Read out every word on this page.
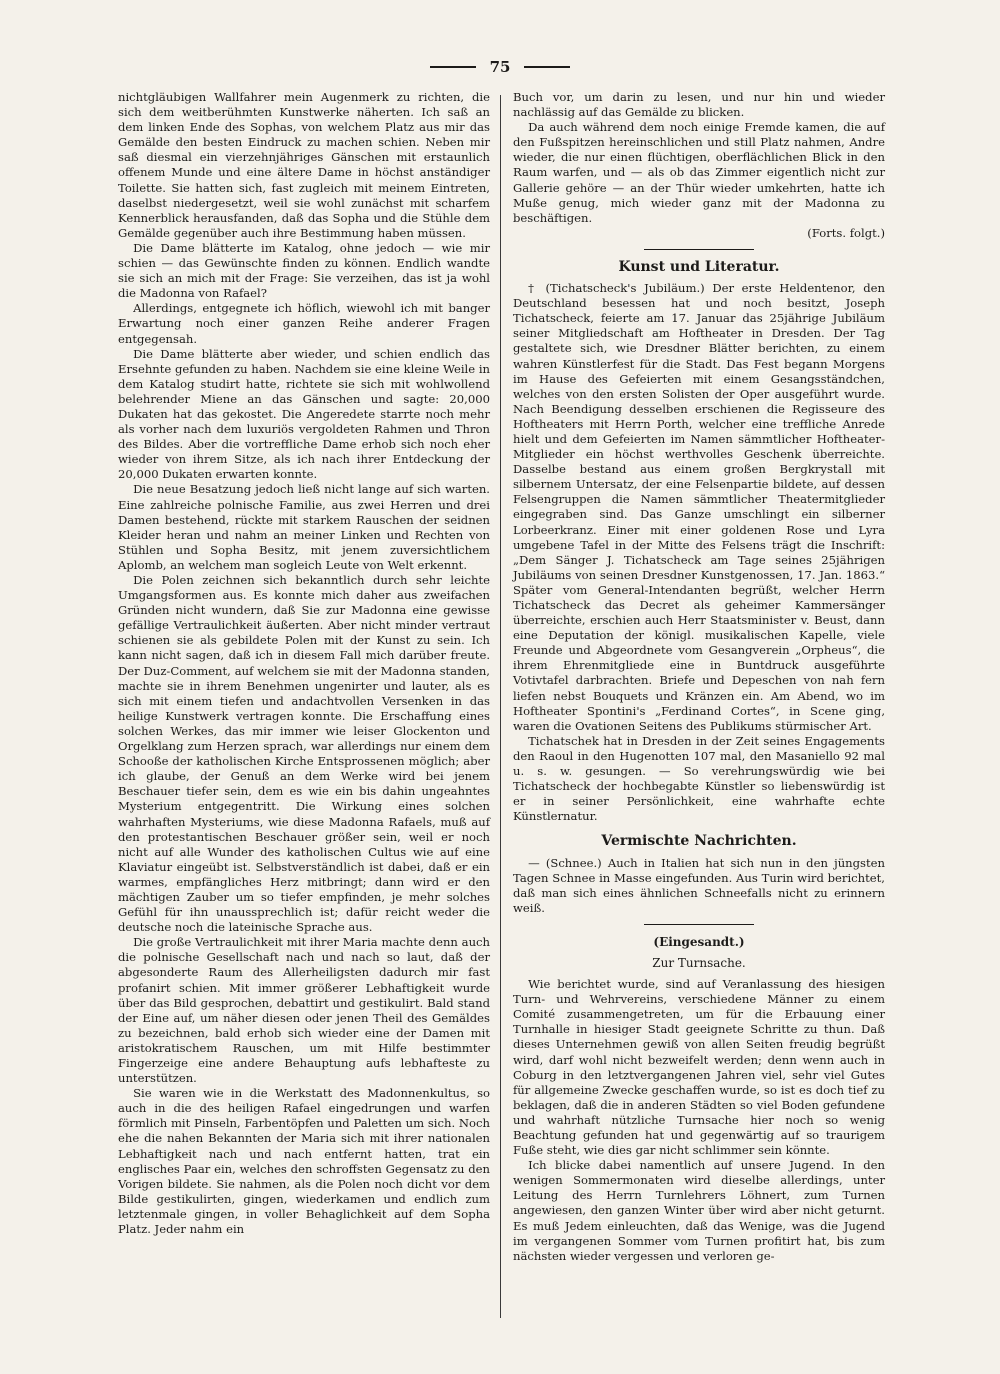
75

nichtgläubigen Wallfahrer mein Augenmerk zu richten, die sich dem weitberühmten Kunstwerke näherten. Ich saß an dem linken Ende des Sophas, von welchem Platz aus mir das Gemälde den besten Eindruck zu machen schien. Neben mir saß diesmal ein vierzehnjähriges Gänschen mit erstaunlich offenem Munde und eine ältere Dame in höchst anständiger Toilette. Sie hatten sich, fast zugleich mit meinem Eintreten, daselbst niedergesetzt, weil sie wohl zunächst mit scharfem Kennerblick herausfanden, daß das Sopha und die Stühle dem Gemälde gegenüber auch ihre Bestimmung haben müssen.

Die Dame blätterte im Katalog, ohne jedoch — wie mir schien — das Gewünschte finden zu können. Endlich wandte sie sich an mich mit der Frage: Sie verzeihen, das ist ja wohl die Madonna von Rafael?

Allerdings, entgegnete ich höflich, wiewohl ich mit banger Erwartung noch einer ganzen Reihe anderer Fragen entgegensah.

Die Dame blätterte aber wieder, und schien endlich das Ersehnte gefunden zu haben. Nachdem sie eine kleine Weile in dem Katalog studirt hatte, richtete sie sich mit wohlwollend belehrender Miene an das Gänschen und sagte: 20,000 Dukaten hat das gekostet. Die Angeredete starrte noch mehr als vorher nach dem luxuriös vergoldeten Rahmen und Thron des Bildes. Aber die vortreffliche Dame erhob sich noch eher wieder von ihrem Sitze, als ich nach ihrer Entdeckung der 20,000 Dukaten erwarten konnte.

Die neue Besatzung jedoch ließ nicht lange auf sich warten. Eine zahlreiche polnische Familie, aus zwei Herren und drei Damen bestehend, rückte mit starkem Rauschen der seidnen Kleider heran und nahm an meiner Linken und Rechten von Stühlen und Sopha Besitz, mit jenem zuversichtlichem Aplomb, an welchem man sogleich Leute von Welt erkennt.

Die Polen zeichnen sich bekanntlich durch sehr leichte Umgangsformen aus. Es konnte mich daher aus zweifachen Gründen nicht wundern, daß Sie zur Madonna eine gewisse gefällige Vertraulichkeit äußerten. Aber nicht minder vertraut schienen sie als gebildete Polen mit der Kunst zu sein. Ich kann nicht sagen, daß ich in diesem Fall mich darüber freute. Der Duz-Comment, auf welchem sie mit der Madonna standen, machte sie in ihrem Benehmen ungenirter und lauter, als es sich mit einem tiefen und andachtvollen Versenken in das heilige Kunstwerk vertragen konnte. Die Erschaffung eines solchen Werkes, das mir immer wie leiser Glockenton und Orgelklang zum Herzen sprach, war allerdings nur einem dem Schooße der katholischen Kirche Entsprossenen möglich; aber ich glaube, der Genuß an dem Werke wird bei jenem Beschauer tiefer sein, dem es wie ein bis dahin ungeahntes Mysterium entgegentritt. Die Wirkung eines solchen wahrhaften Mysteriums, wie diese Madonna Rafaels, muß auf den protestantischen Beschauer größer sein, weil er noch nicht auf alle Wunder des katholischen Cultus wie auf eine Klaviatur eingeübt ist. Selbstverständlich ist dabei, daß er ein warmes, empfängliches Herz mitbringt; dann wird er den mächtigen Zauber um so tiefer empfinden, je mehr solches Gefühl für ihn unaussprechlich ist; dafür reicht weder die deutsche noch die lateinische Sprache aus.

Die große Vertraulichkeit mit ihrer Maria machte denn auch die polnische Gesellschaft nach und nach so laut, daß der abgesonderte Raum des Allerheiligsten dadurch mir fast profanirt schien. Mit immer größerer Lebhaftigkeit wurde über das Bild gesprochen, debattirt und gestikulirt. Bald stand der Eine auf, um näher diesen oder jenen Theil des Gemäldes zu bezeichnen, bald erhob sich wieder eine der Damen mit aristokratischem Rauschen, um mit Hilfe bestimmter Fingerzeige eine andere Behauptung aufs lebhafteste zu unterstützen.

Sie waren wie in die Werkstatt des Madonnenkultus, so auch in die des heiligen Rafael eingedrungen und warfen förmlich mit Pinseln, Farbentöpfen und Paletten um sich. Noch ehe die nahen Bekannten der Maria sich mit ihrer nationalen Lebhaftigkeit nach und nach entfernt hatten, trat ein englisches Paar ein, welches den schroffsten Gegensatz zu den Vorigen bildete. Sie nahmen, als die Polen noch dicht vor dem Bilde gestikulirten, gingen, wiederkamen und endlich zum letztenmale gingen, in voller Behaglichkeit auf dem Sopha Platz. Jeder nahm ein

Buch vor, um darin zu lesen, und nur hin und wieder nachlässig auf das Gemälde zu blicken.

Da auch während dem noch einige Fremde kamen, die auf den Fußspitzen hereinschlichen und still Platz nahmen, Andre wieder, die nur einen flüchtigen, oberflächlichen Blick in den Raum warfen, und — als ob das Zimmer eigentlich nicht zur Gallerie gehöre — an der Thür wieder umkehrten, hatte ich Muße genug, mich wieder ganz mit der Madonna zu beschäftigen.

(Forts. folgt.)

Kunst und Literatur.

† (Tichatscheck's Jubiläum.) Der erste Heldentenor, den Deutschland besessen hat und noch besitzt, Joseph Tichatscheck, feierte am 17. Januar das 25jährige Jubiläum seiner Mitgliedschaft am Hoftheater in Dresden. Der Tag gestaltete sich, wie Dresdner Blätter berichten, zu einem wahren Künstlerfest für die Stadt. Das Fest begann Morgens im Hause des Gefeierten mit einem Gesangsständchen, welches von den ersten Solisten der Oper ausgeführt wurde. Nach Beendigung desselben erschienen die Regisseure des Hoftheaters mit Herrn Porth, welcher eine treffliche Anrede hielt und dem Gefeierten im Namen sämmtlicher Hoftheater-Mitglieder ein höchst werthvolles Geschenk überreichte. Dasselbe bestand aus einem großen Bergkrystall mit silbernem Untersatz, der eine Felsenpartie bildete, auf dessen Felsengruppen die Namen sämmtlicher Theatermitglieder eingegraben sind. Das Ganze umschlingt ein silberner Lorbeerkranz. Einer mit einer goldenen Rose und Lyra umgebene Tafel in der Mitte des Felsens trägt die Inschrift: „Dem Sänger J. Tichatscheck am Tage seines 25jährigen Jubiläums von seinen Dresdner Kunstgenossen, 17. Jan. 1863.“ Später vom General-Intendanten begrüßt, welcher Herrn Tichatscheck das Decret als geheimer Kammersänger überreichte, erschien auch Herr Staatsminister v. Beust, dann eine Deputation der königl. musikalischen Kapelle, viele Freunde und Abgeordnete vom Gesangverein „Orpheus“, die ihrem Ehrenmitgliede eine in Buntdruck ausgeführte Votivtafel darbrachten. Briefe und Depeschen von nah fern liefen nebst Bouquets und Kränzen ein. Am Abend, wo im Hoftheater Spontini's „Ferdinand Cortes“, in Scene ging, waren die Ovationen Seitens des Publikums stürmischer Art.

Tichatschek hat in Dresden in der Zeit seines Engagements den Raoul in den Hugenotten 107 mal, den Masaniello 92 mal u. s. w. gesungen. — So verehrungswürdig wie bei Tichatscheck der hochbegabte Künstler so liebenswürdig ist er in seiner Persönlichkeit, eine wahrhafte echte Künstlernatur.

Vermischte Nachrichten.

— (Schnee.) Auch in Italien hat sich nun in den jüngsten Tagen Schnee in Masse eingefunden. Aus Turin wird berichtet, daß man sich eines ähnlichen Schneefalls nicht zu erinnern weiß.

(Eingesandt.)

Zur Turnsache.

Wie berichtet wurde, sind auf Veranlassung des hiesigen Turn- und Wehrvereins, verschiedene Männer zu einem Comité zusammengetreten, um für die Erbauung einer Turnhalle in hiesiger Stadt geeignete Schritte zu thun. Daß dieses Unternehmen gewiß von allen Seiten freudig begrüßt wird, darf wohl nicht bezweifelt werden; denn wenn auch in Coburg in den letztvergangenen Jahren viel, sehr viel Gutes für allgemeine Zwecke geschaffen wurde, so ist es doch tief zu beklagen, daß die in anderen Städten so viel Boden gefundene und wahrhaft nützliche Turnsache hier noch so wenig Beachtung gefunden hat und gegenwärtig auf so traurigem Fuße steht, wie dies gar nicht schlimmer sein könnte.

Ich blicke dabei namentlich auf unsere Jugend. In den wenigen Sommermonaten wird dieselbe allerdings, unter Leitung des Herrn Turnlehrers Löhnert, zum Turnen angewiesen, den ganzen Winter über wird aber nicht geturnt. Es muß Jedem einleuchten, daß das Wenige, was die Jugend im vergangenen Sommer vom Turnen profitirt hat, bis zum nächsten wieder vergessen und verloren ge-
